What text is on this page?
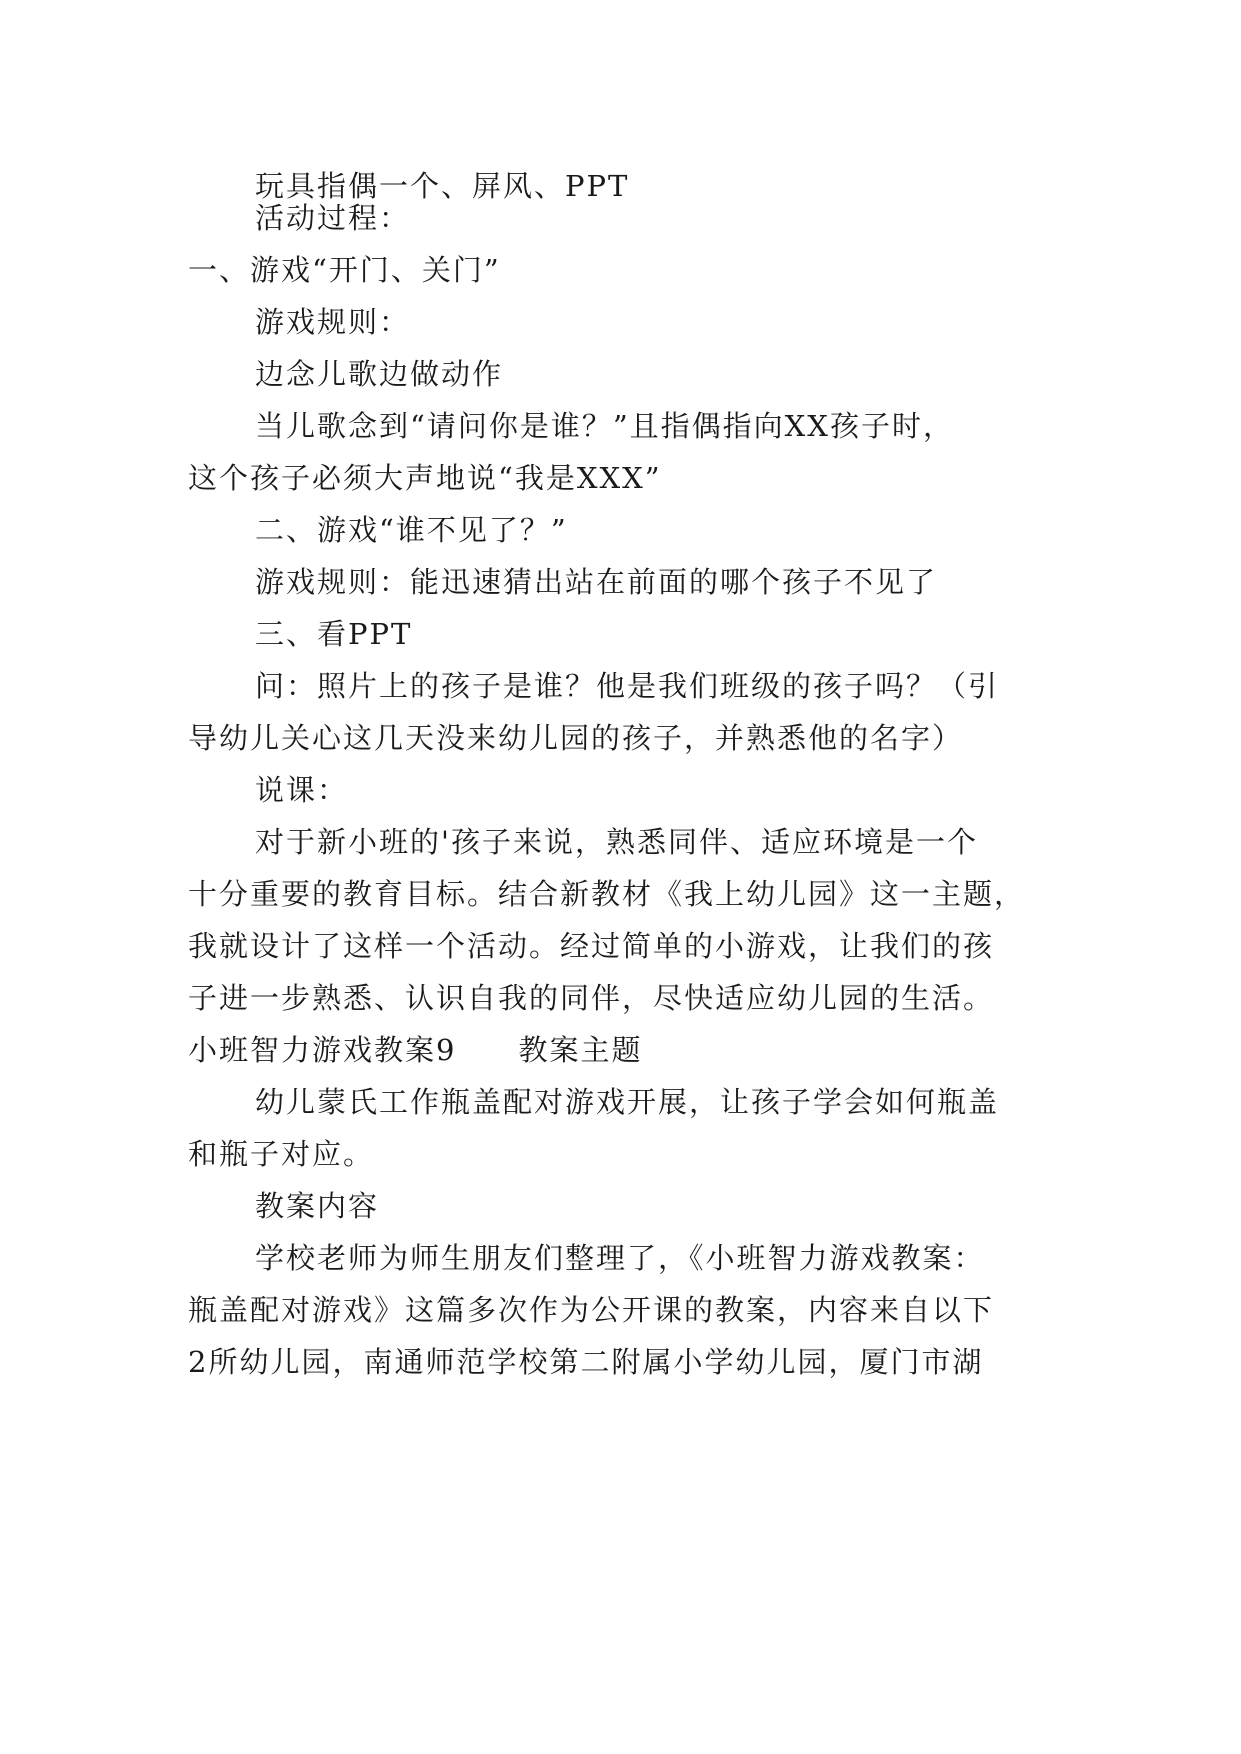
玩具指偶一个、屏风、PPT
活动过程：
一、游戏“开门、关门”
游戏规则：
边念儿歌边做动作
当儿歌念到“请问你是谁？”且指偶指向XX孩子时，
这个孩子必须大声地说“我是XXX”
二、游戏“谁不见了？”
游戏规则：能迅速猜出站在前面的哪个孩子不见了
三、看PPT
问：照片上的孩子是谁？他是我们班级的孩子吗？（引
导幼儿关心这几天没来幼儿园的孩子，并熟悉他的名字）
说课：
对于新小班的'孩子来说，熟悉同伴、适应环境是一个
十分重要的教育目标。结合新教材《我上幼儿园》这一主题，
我就设计了这样一个活动。经过简单的小游戏，让我们的孩
子进一步熟悉、认识自我的同伴，尽快适应幼儿园的生活。
小班智力游戏教案9　　教案主题
幼儿蒙氏工作瓶盖配对游戏开展，让孩子学会如何瓶盖
和瓶子对应。
教案内容
学校老师为师生朋友们整理了，《小班智力游戏教案：
瓶盖配对游戏》这篇多次作为公开课的教案，内容来自以下
2所幼儿园，南通师范学校第二附属小学幼儿园，厦门市湖
